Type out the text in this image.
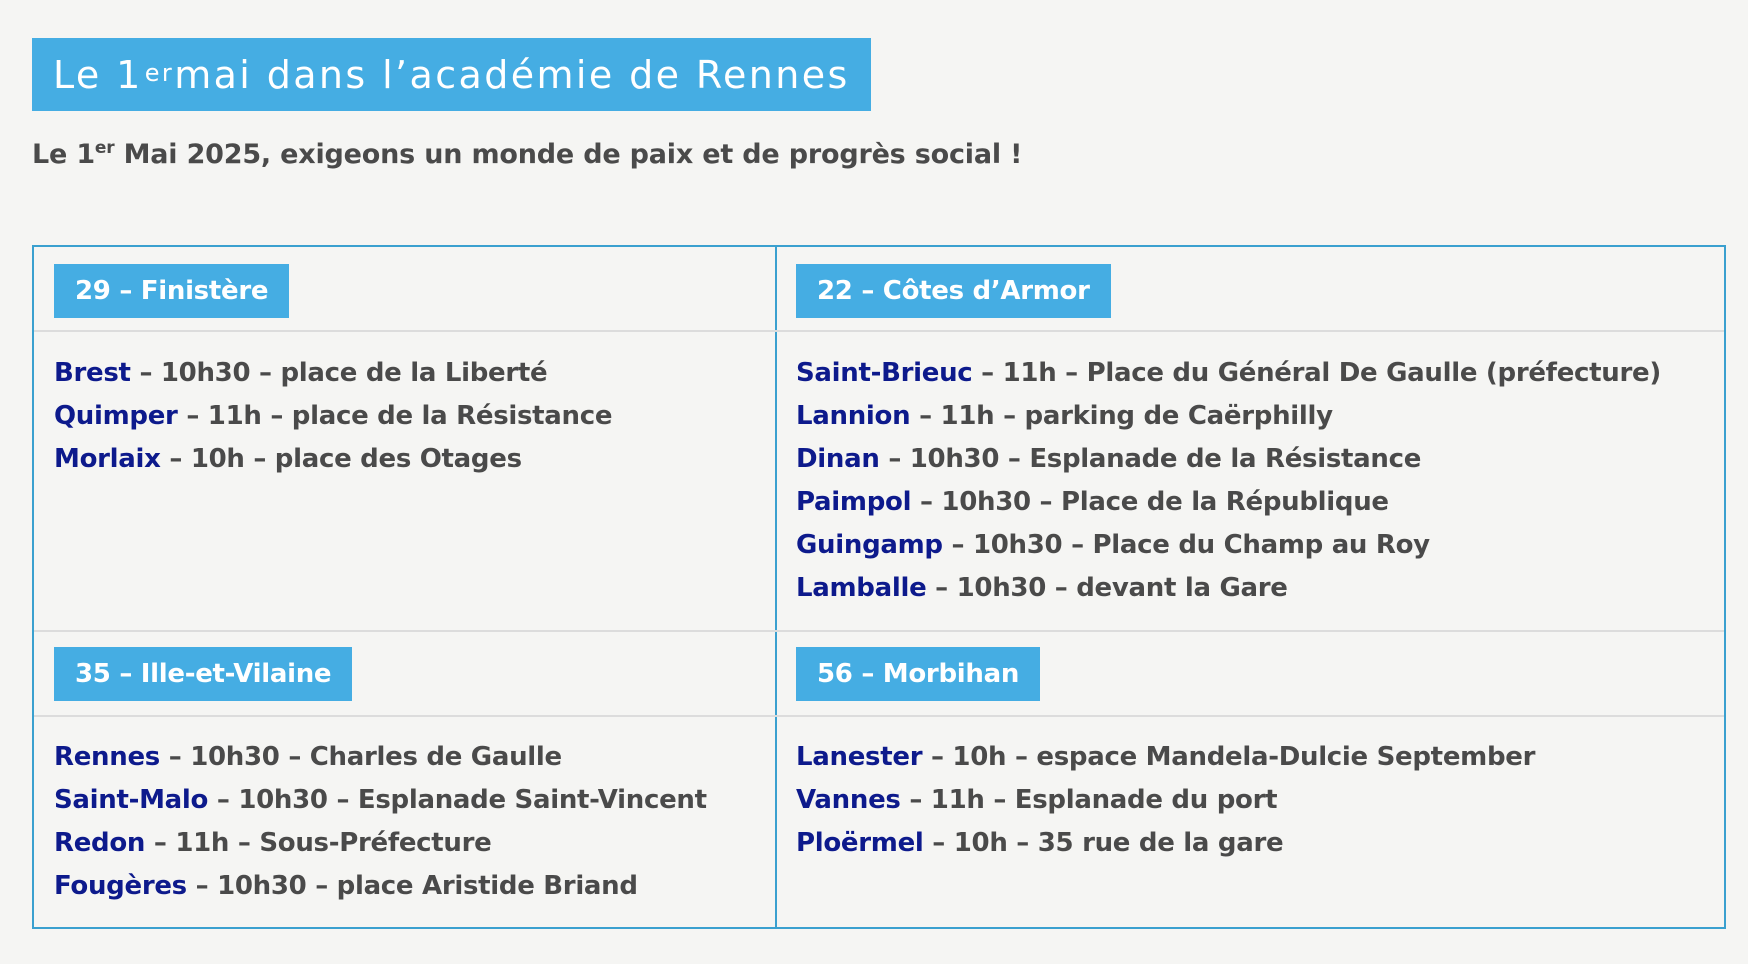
Le 1er mai dans l’académie de Rennes
Le 1er Mai 2025, exigeons un monde de paix et de progrès social !
29 – Finistère
Brest – 10h30 – place de la Liberté
Quimper – 11h – place de la Résistance
Morlaix – 10h – place des Otages
22 – Côtes d’Armor
Saint-Brieuc – 11h – Place du Général De Gaulle (préfecture)
Lannion – 11h – parking de Caërphilly
Dinan – 10h30 – Esplanade de la Résistance
Paimpol – 10h30 – Place de la République
Guingamp – 10h30 – Place du Champ au Roy
Lamballe – 10h30 – devant la Gare
35 – Ille-et-Vilaine
Rennes – 10h30 – Charles de Gaulle
Saint-Malo – 10h30 – Esplanade Saint-Vincent
Redon – 11h – Sous-Préfecture
Fougères – 10h30 – place Aristide Briand
56 – Morbihan
Lanester – 10h – espace Mandela-Dulcie September
Vannes – 11h – Esplanade du port
Ploërmel – 10h – 35 rue de la gare
